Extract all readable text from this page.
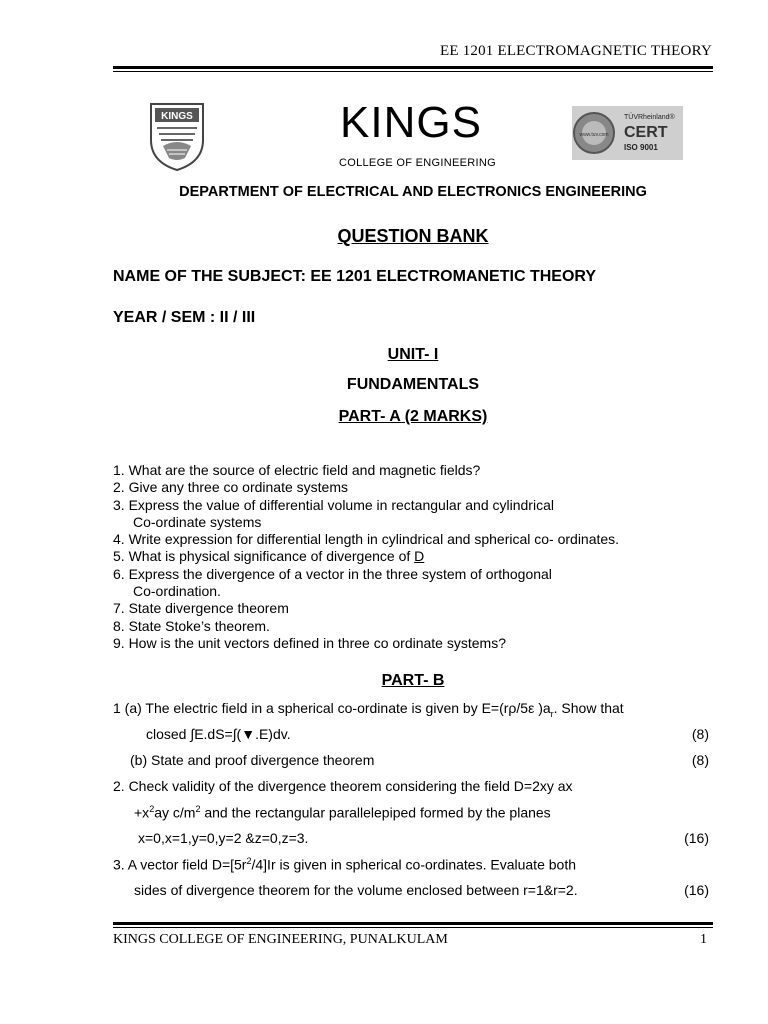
EE 1201 ELECTROMAGNETIC THEORY
KINGS	KINGS
COLLEGE OF ENGINEERING
www.tuv.com
TÜVRheinland®
CERT
ISO 9001
DEPARTMENT OF ELECTRICAL AND ELECTRONICS ENGINEERING
QUESTION BANK
NAME OF THE SUBJECT: EE 1201 ELECTROMANETIC THEORY
YEAR / SEM : II / III
UNIT- I
FUNDAMENTALS
PART- A (2 MARKS)
1. What are the source of electric field and magnetic fields?
2. Give any three co ordinate systems
3. Express the value of differential volume in rectangular and cylindrical
Co-ordinate systems
4. Write expression for differential length in cylindrical and spherical co- ordinates.
5. What is physical significance of divergence of D
6. Express the divergence of a vector in the three system of orthogonal
Co-ordination.
7. State divergence theorem
8. State Stoke’s theorem.
9. How is the unit vectors defined in three co ordinate systems?
PART- B
1 (a) The electric field in a spherical co-ordinate is given by E=(rρ/5ε )$a_r$. Show that
closed ∫E.dS=∫(▼.E)dv.	(8)
(b) State and proof divergence theorem	(8)
2. Check validity of the divergence theorem considering the field D=2xy ax
$+x^2ay$ $c/m^2$ and the rectangular parallelepiped formed by the planes
x=0,x=1,y=0,y=2 &z=0,z=3.	(16)
3. A vector field $D=[5r^2/4]Ir$ is given in spherical co-ordinates. Evaluate both
sides of divergence theorem for the volume enclosed between r=1&r=2.	(16)
KINGS COLLEGE OF ENGINEERING, PUNALKULAM	1
